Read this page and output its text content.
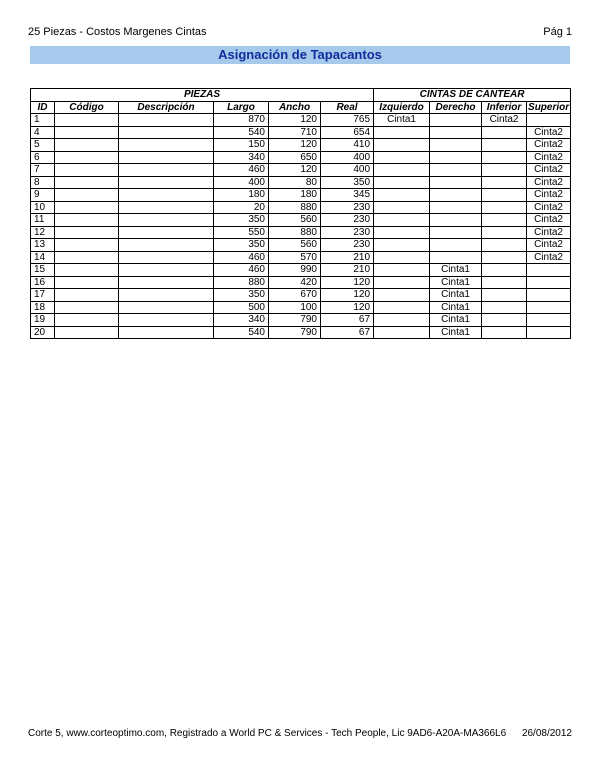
25 Piezas - Costos Margenes Cintas	Pág 1
Asignación de Tapacantos
PIEZAS						CINTAS DE CANTEAR			
ID	Código	Descripción	Largo	Ancho	Real	Izquierdo	Derecho	Inferior	Superior
1			870	120	765	Cinta1		Cinta2	
4			540	710	654				Cinta2
5			150	120	410				Cinta2
6			340	650	400				Cinta2
7			460	120	400				Cinta2
8			400	80	350				Cinta2
9			180	180	345				Cinta2
10			20	880	230				Cinta2
11			350	560	230				Cinta2
12			550	880	230				Cinta2
13			350	560	230				Cinta2
14			460	570	210				Cinta2
15			460	990	210		Cinta1		
16			880	420	120		Cinta1		
17			350	670	120		Cinta1		
18			500	100	120		Cinta1		
19			340	790	67		Cinta1		
20			540	790	67		Cinta1		
Corte 5, www.corteoptimo.com, Registrado a World PC & Services - Tech People, Lic 9AD6-A20A-MA366L6 26/08/2012
